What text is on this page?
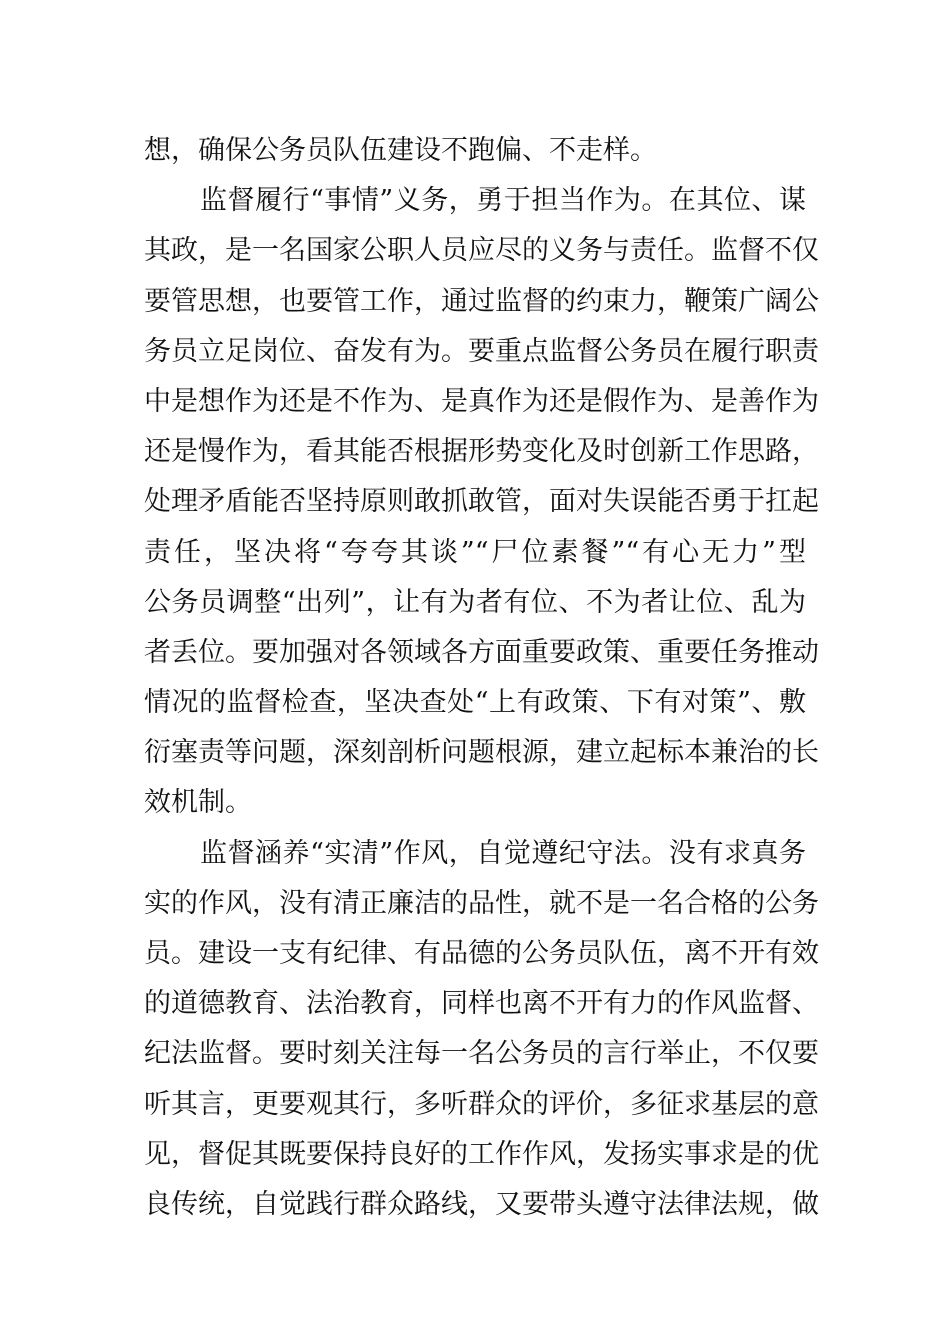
想，确保公务员队伍建设不跑偏、不走样。
监督履行“事情”义务，勇于担当作为。在其位、谋
其政，是一名国家公职人员应尽的义务与责任。监督不仅
要管思想，也要管工作，通过监督的约束力，鞭策广阔公
务员立足岗位、奋发有为。要重点监督公务员在履行职责
中是想作为还是不作为、是真作为还是假作为、是善作为
还是慢作为，看其能否根据形势变化及时创新工作思路，
处理矛盾能否坚持原则敢抓敢管，面对失误能否勇于扛起
责任，坚决将“夸夸其谈”“尸位素餐”“有心无力”型
公务员调整“出列”，让有为者有位、不为者让位、乱为
者丢位。要加强对各领域各方面重要政策、重要任务推动
情况的监督检查，坚决查处“上有政策、下有对策”、敷
衍塞责等问题，深刻剖析问题根源，建立起标本兼治的长
效机制。
监督涵养“实清”作风，自觉遵纪守法。没有求真务
实的作风，没有清正廉洁的品性，就不是一名合格的公务
员。建设一支有纪律、有品德的公务员队伍，离不开有效
的道德教育、法治教育，同样也离不开有力的作风监督、
纪法监督。要时刻关注每一名公务员的言行举止，不仅要
听其言，更要观其行，多听群众的评价，多征求基层的意
见，督促其既要保持良好的工作作风，发扬实事求是的优
良传统，自觉践行群众路线，又要带头遵守法律法规，做
